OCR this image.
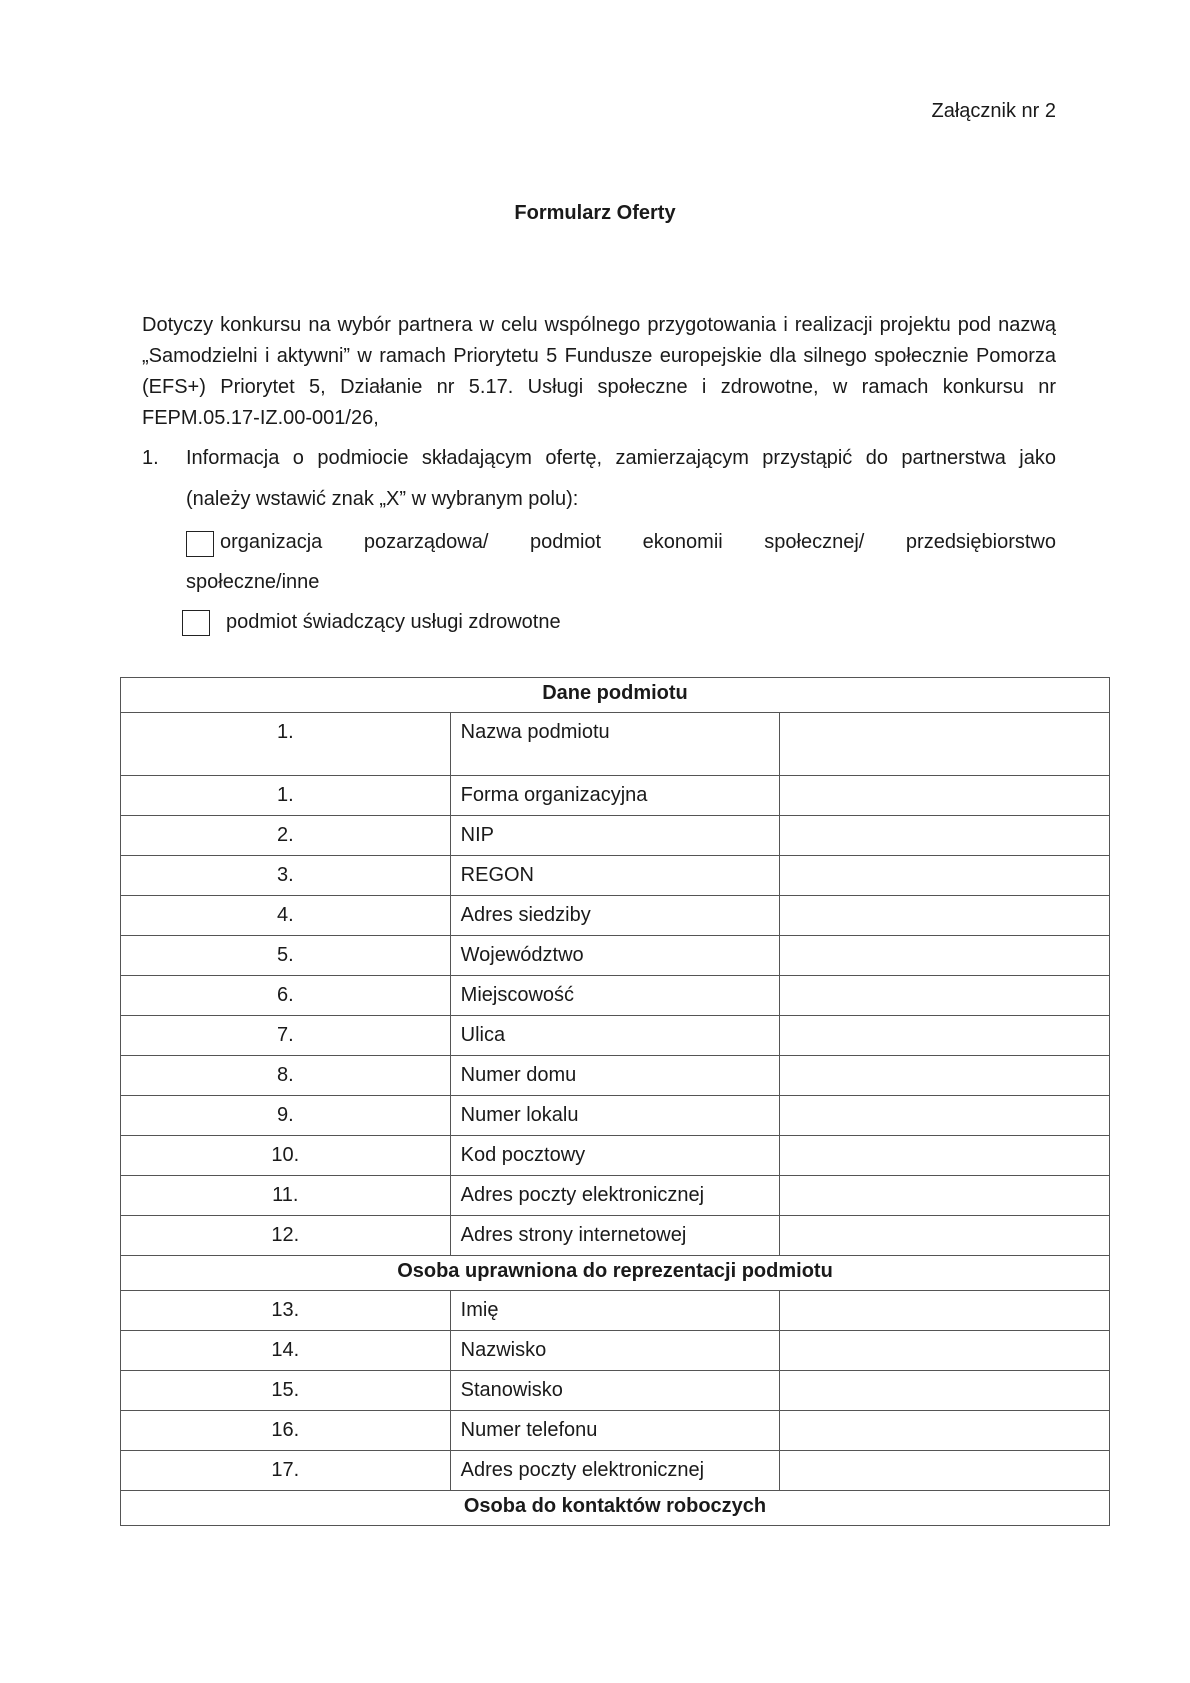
Załącznik nr 2
Formularz Oferty
Dotyczy konkursu na wybór partnera w celu wspólnego przygotowania i realizacji projektu pod nazwą „Samodzielni i aktywni” w ramach Priorytetu 5 Fundusze europejskie dla silnego społecznie Pomorza (EFS+) Priorytet 5, Działanie nr 5.17. Usługi społeczne i zdrowotne, w ramach konkursu nr FEPM.05.17-IZ.00-001/26,
1. Informacja o podmiocie składającym ofertę, zamierzającym przystąpić do partnerstwa jako
(należy wstawić znak „X” w wybranym polu):
organizacja pozarządowa/ podmiot ekonomii społecznej/ przedsiębiorstwo
społeczne/inne
podmiot świadczący usługi zdrowotne
Dane podmiotu		
1.	Nazwa podmiotu	
1.	Forma organizacyjna	
2.	NIP	
3.	REGON	
4.	Adres siedziby	
5.	Województwo	
6.	Miejscowość	
7.	Ulica	
8.	Numer domu	
9.	Numer lokalu	
10.	Kod pocztowy	
11.	Adres poczty elektronicznej	
12.	Adres strony internetowej	
Osoba uprawniona do reprezentacji podmiotu		
13.	Imię	
14.	Nazwisko	
15.	Stanowisko	
16.	Numer telefonu	
17.	Adres poczty elektronicznej	
Osoba do kontaktów roboczych		
